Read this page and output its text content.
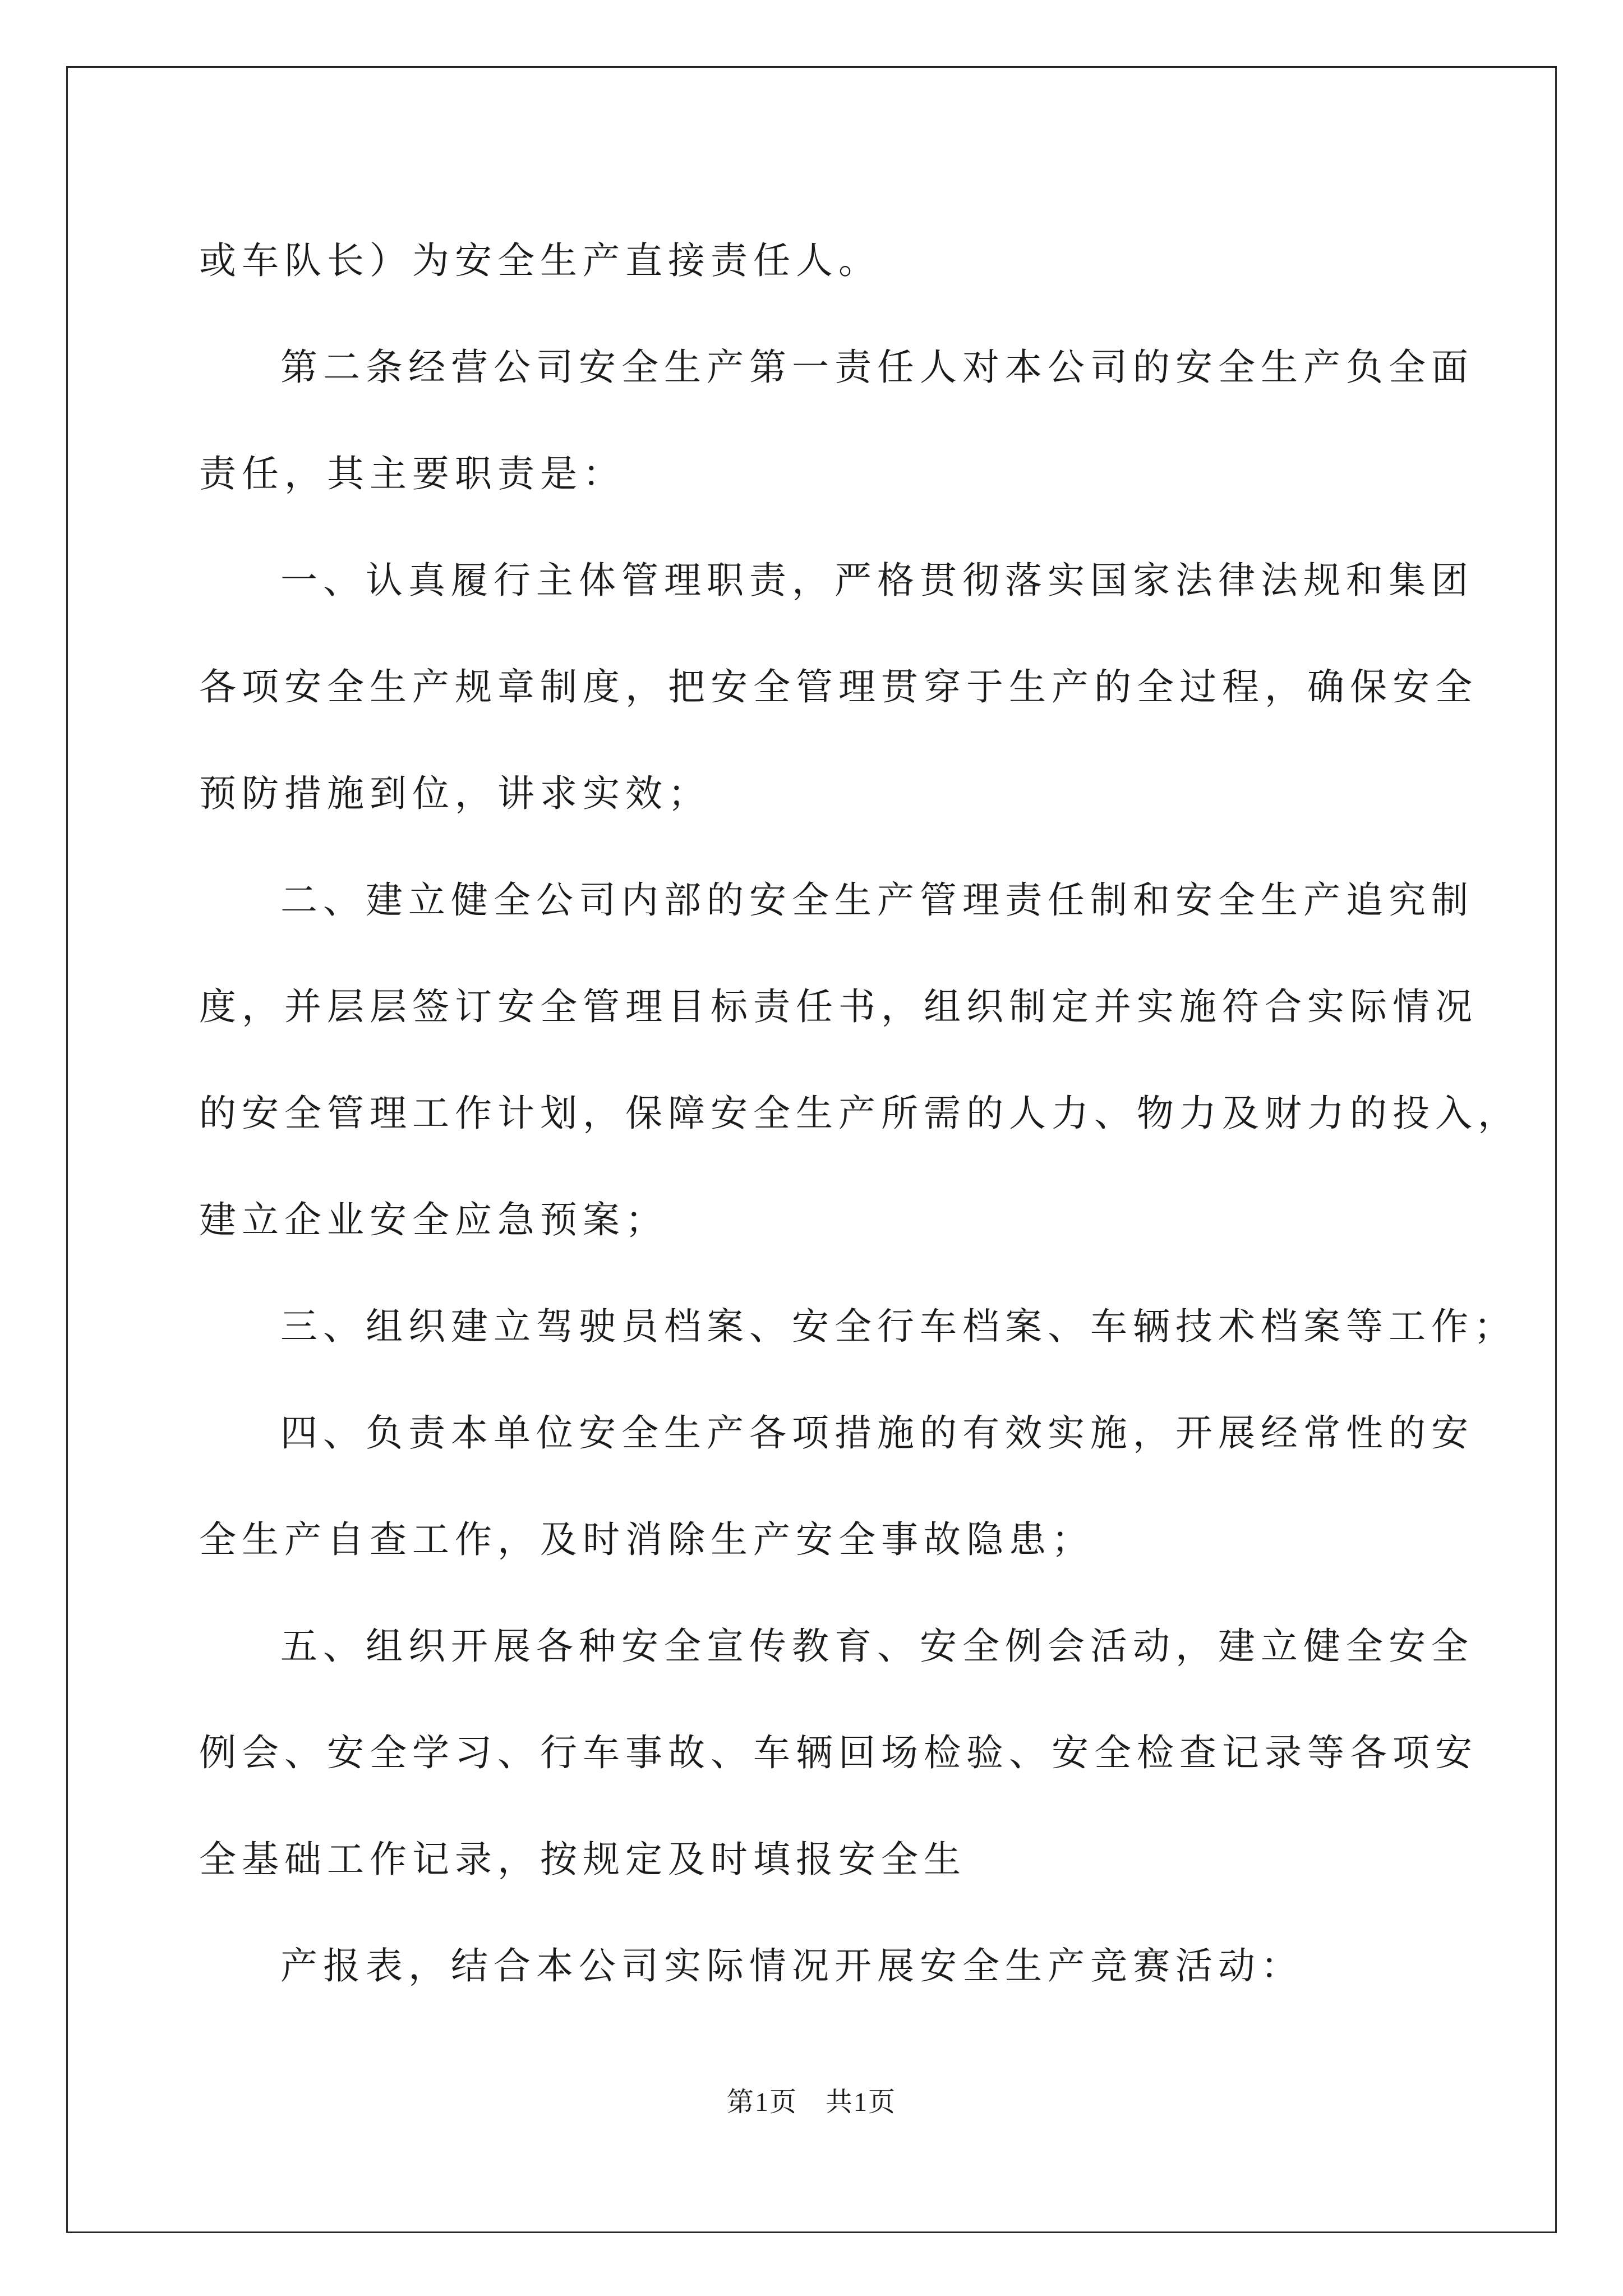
或车队长）为安全生产直接责任人。

第二条经营公司安全生产第一责任人对本公司的安全生产负全面

责任，其主要职责是：

一、认真履行主体管理职责，严格贯彻落实国家法律法规和集团

各项安全生产规章制度，把安全管理贯穿于生产的全过程，确保安全

预防措施到位，讲求实效；

二、建立健全公司内部的安全生产管理责任制和安全生产追究制

度，并层层签订安全管理目标责任书，组织制定并实施符合实际情况

的安全管理工作计划，保障安全生产所需的人力、物力及财力的投入，

建立企业安全应急预案；

三、组织建立驾驶员档案、安全行车档案、车辆技术档案等工作；

四、负责本单位安全生产各项措施的有效实施，开展经常性的安

全生产自查工作，及时消除生产安全事故隐患；

五、组织开展各种安全宣传教育、安全例会活动，建立健全安全

例会、安全学习、行车事故、车辆回场检验、安全检查记录等各项安

全基础工作记录，按规定及时填报安全生

产报表，结合本公司实际情况开展安全生产竞赛活动：

第1页 共1页
